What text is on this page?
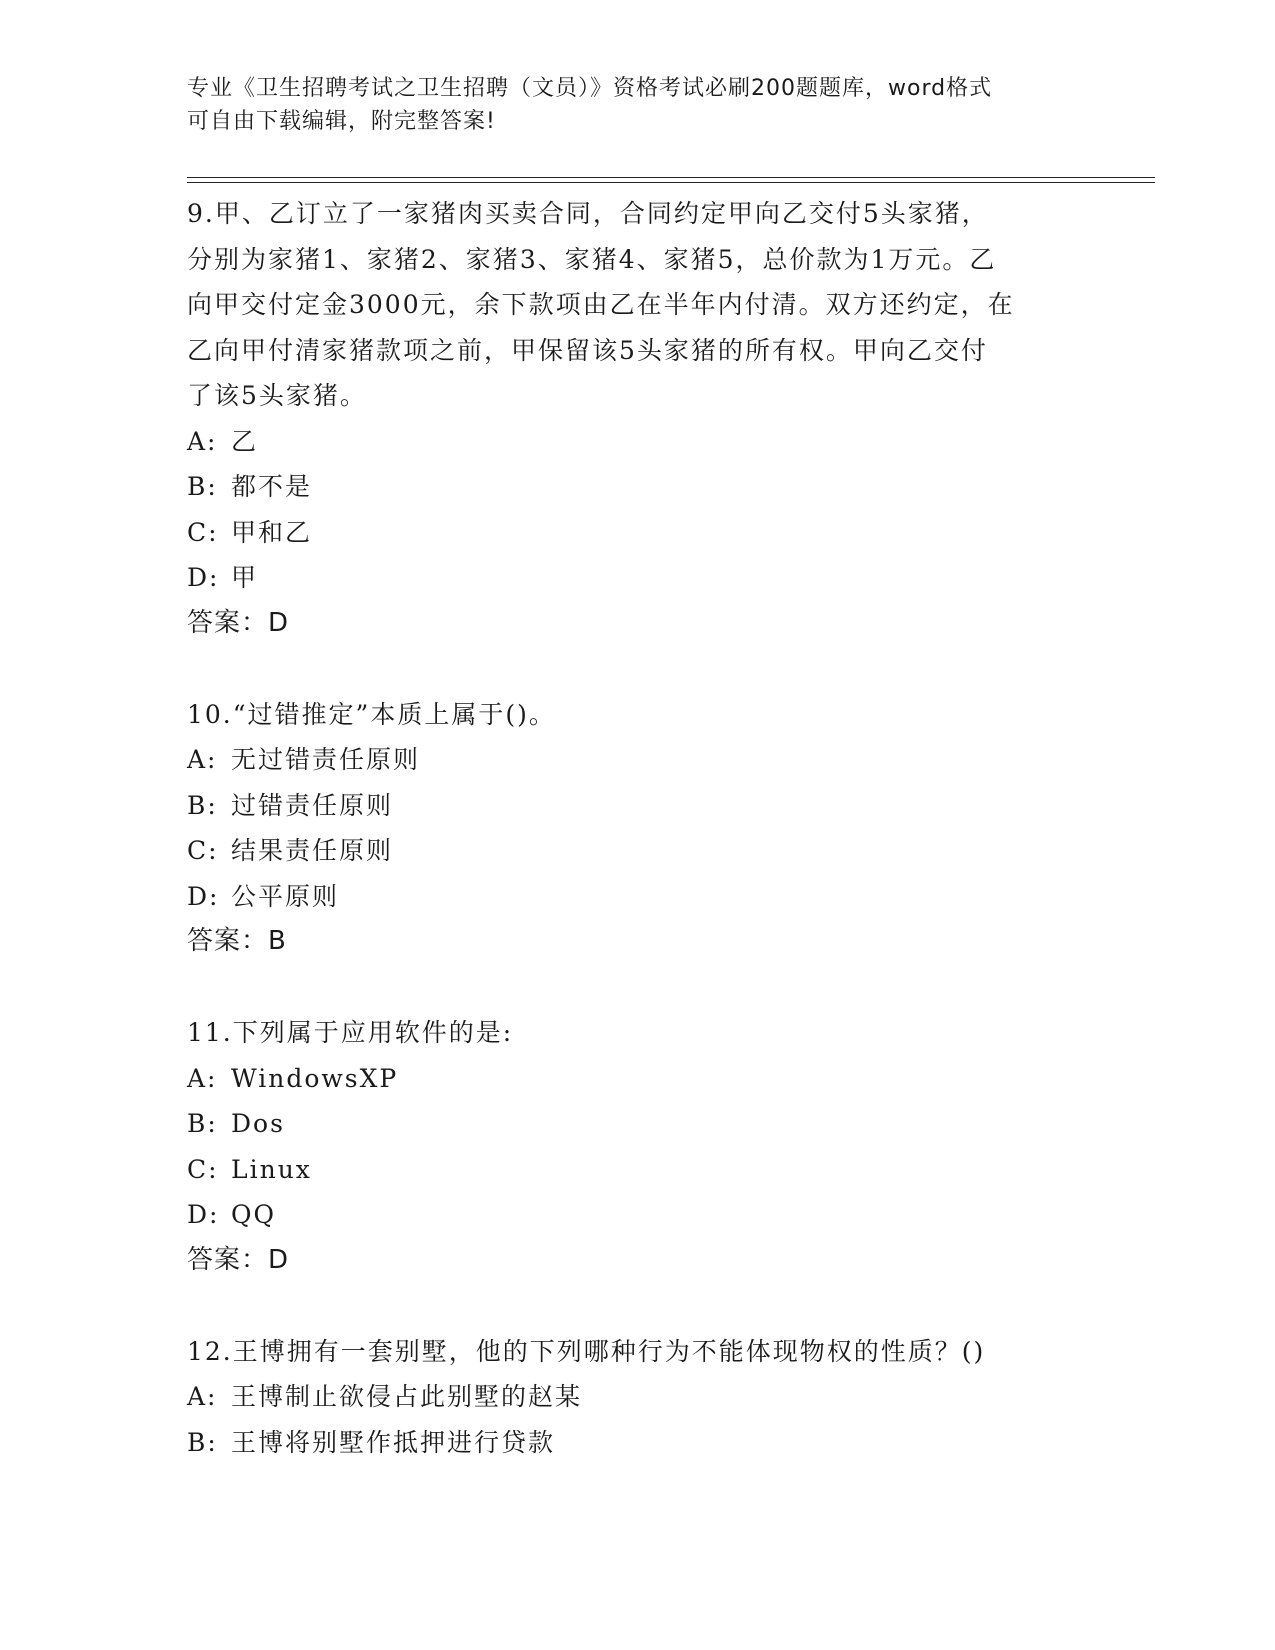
专业《卫生招聘考试之卫生招聘（文员）》资格考试必刷200题题库，word格式
可自由下载编辑，附完整答案!

9.甲、乙订立了一家猪肉买卖合同，合同约定甲向乙交付5头家猪，

分别为家猪1、家猪2、家猪3、家猪4、家猪5，总价款为1万元。乙

向甲交付定金3000元，余下款项由乙在半年内付清。双方还约定，在

乙向甲付清家猪款项之前，甲保留该5头家猪的所有权。甲向乙交付

了该5头家猪。

A: 乙

B: 都不是

C: 甲和乙

D: 甲

答案：D

10.“过错推定”本质上属于()。

A: 无过错责任原则

B: 过错责任原则

C: 结果责任原则

D: 公平原则

答案：B

11.下列属于应用软件的是:

A: WindowsXP

B: Dos

C: Linux

D: QQ

答案：D

12.王博拥有一套别墅，他的下列哪种行为不能体现物权的性质？()

A: 王博制止欲侵占此别墅的赵某

B: 王博将别墅作抵押进行贷款
